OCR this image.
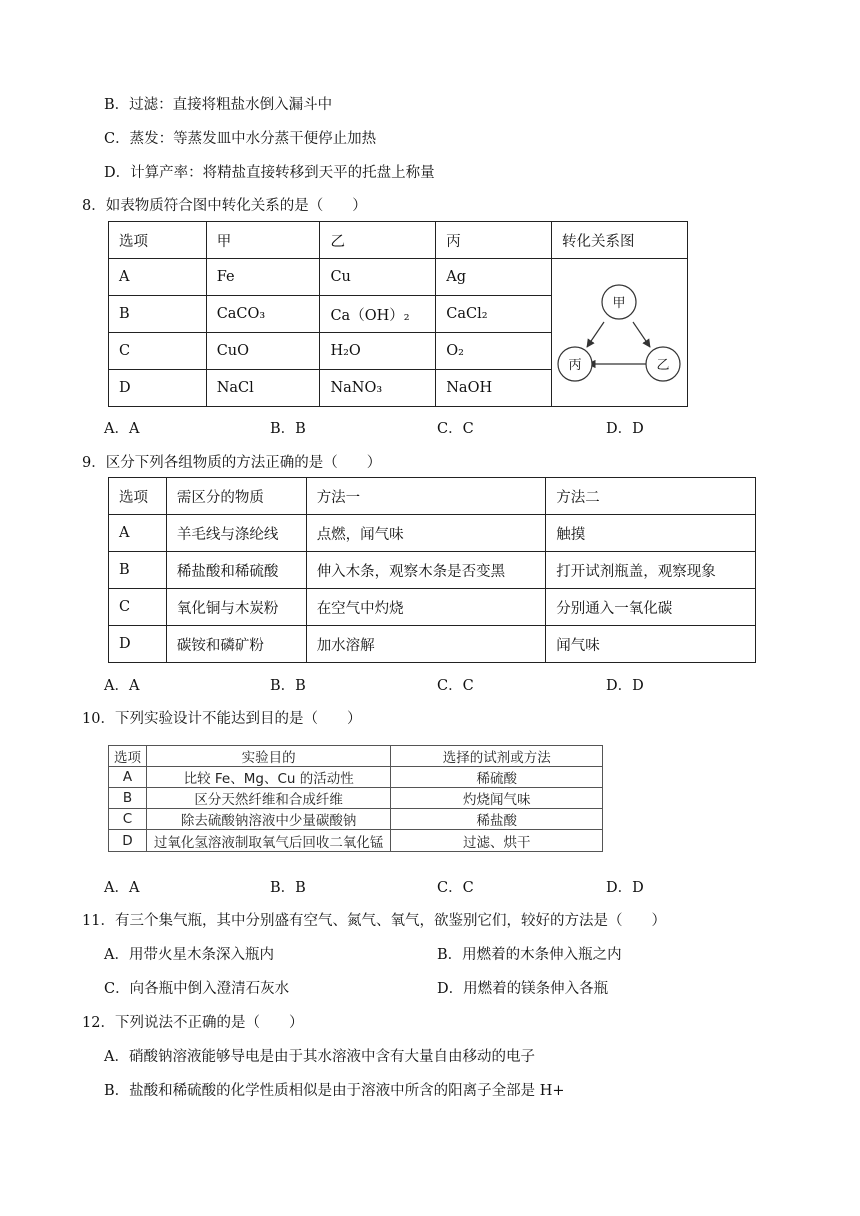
B．过滤：直接将粗盐水倒入漏斗中
C．蒸发：等蒸发皿中水分蒸干便停止加热
D．计算产率：将精盐直接转移到天平的托盘上称量
8．如表物质符合图中转化关系的是（　　）
选项	甲	乙	丙	转化关系图
A	Fe	Cu	Ag	甲
丙 乙

B	CaCO₃	Ca（OH）₂	CaCl₂	
C	CuO	H₂O	O₂	
D	NaCl	NaNO₃	NaOH	
A．A	B．B	C．C	D．D
9．区分下列各组物质的方法正确的是（　　）
选项	需区分的物质	方法一	方法二
A	羊毛线与涤纶线	点燃，闻气味	触摸
B	稀盐酸和稀硫酸	伸入木条，观察木条是否变黑	打开试剂瓶盖，观察现象
C	氧化铜与木炭粉	在空气中灼烧	分别通入一氧化碳
D	碳铵和磷矿粉	加水溶解	闻气味
A．A	B．B	C．C	D．D
10．下列实验设计不能达到目的是（　　）
选项	实验目的	选择的试剂或方法
A	比较 Fe、Mg、Cu 的活动性	稀硫酸
B	区分天然纤维和合成纤维	灼烧闻气味
C	除去硫酸钠溶液中少量碳酸钠	稀盐酸
D	过氧化氢溶液制取氧气后回收二氧化锰	过滤、烘干
A．A	B．B	C．C	D．D
11．有三个集气瓶，其中分别盛有空气、氮气、氧气，欲鉴别它们，较好的方法是（　　）
A．用带火星木条深入瓶内	B．用燃着的木条伸入瓶之内
C．向各瓶中倒入澄清石灰水	D．用燃着的镁条伸入各瓶
12．下列说法不正确的是（　　）
A．硝酸钠溶液能够导电是由于其水溶液中含有大量自由移动的电子
B．盐酸和稀硫酸的化学性质相似是由于溶液中所含的阳离子全部是 H+
